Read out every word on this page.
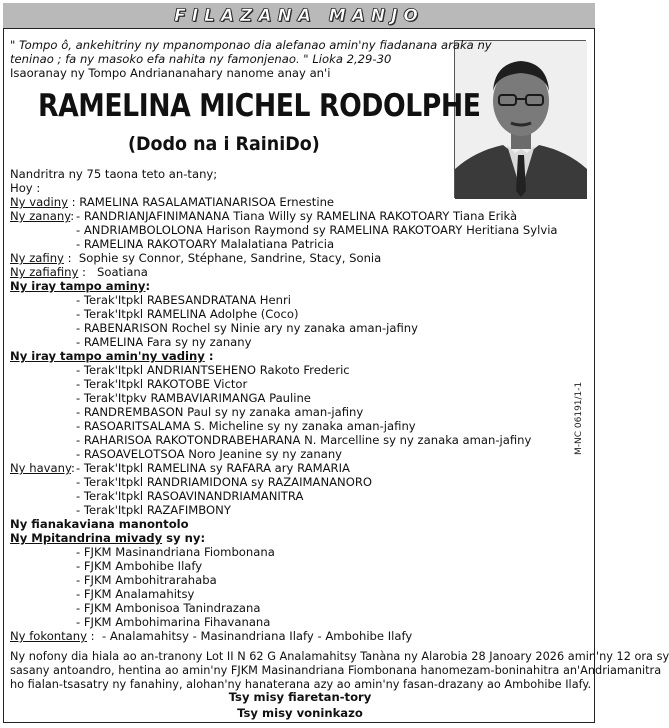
FILAZANA MANJO
" Tompo ô, ankehitriny ny mpanomponao dia alefanao amin'ny fiadanana araka ny
teninao ; fa ny masoko efa nahita ny famonjenao. " Lioka 2,29-30
Isaoranay ny Tompo Andriananahary nanome anay an'i
RAMELINA MICHEL RODOLPHE
(Dodo na i RainiDo)
Nandritra ny 75 taona teto an-tany;
Hoy :
Ny vadiny : RAMELINA RASALAMATIANARISOA Ernestine
Ny zanany: - RANDRIANJAFINIMANANA Tiana Willy sy RAMELINA RAKOTOARY Tiana Erikà
- ANDRIAMBOLOLONA Harison Raymond sy RAMELINA RAKOTOARY Heritiana Sylvia
- RAMELINA RAKOTOARY Malalatiana Patricia
Ny zafiny : Sophie sy Connor, Stéphane, Sandrine, Stacy, Sonia
Ny zafiafiny : Soatiana
Ny iray tampo aminy:
- Terak'Itpkl RABESANDRATANA Henri
- Terak'Itpkl RAMELINA Adolphe (Coco)
- RABENARISON Rochel sy Ninie ary ny zanaka aman-jafiny
- RAMELINA Fara sy ny zanany
Ny iray tampo amin'ny vadiny :
- Terak'Itpkl ANDRIANTSEHENO Rakoto Frederic
- Terak'Itpkl RAKOTOBE Victor
- Terak'Itpkv RAMBAVIARIMANGA Pauline
- RANDREMBASON Paul sy ny zanaka aman-jafiny
- RASOARITSALAMA S. Micheline sy ny zanaka aman-jafiny
- RAHARISOA RAKOTONDRABEHARANA N. Marcelline sy ny zanaka aman-jafiny
- RASOAVELOTSOA Noro Jeanine sy ny zanany
Ny havany: - Terak'Itpkl RAMELINA sy RAFARA ary RAMARIA
- Terak'Itpkl RANDRIAMIDONA sy RAZAIMANANORO
- Terak'Itpkl RASOAVINANDRIAMANITRA
- Terak'Itpkl RAZAFIMBONY
Ny fianakaviana manontolo
Ny Mpitandrina mivady sy ny:
- FJKM Masinandriana Fiombonana
- FJKM Ambohibe Ilafy
- FJKM Ambohitrarahaba
- FJKM Analamahitsy
- FJKM Ambonisoa Tanindrazana
- FJKM Ambohimarina Fihavanana
Ny fokontany : - Analamahitsy - Masinandriana Ilafy - Ambohibe Ilafy
Ny nofony dia hiala ao an-tranony Lot II N 62 G Analamahitsy Tanàna ny Alarobia 28 Janoary 2026 amin'ny 12 ora sy
sasany antoandro, hentina ao amin'ny FJKM Masinandriana Fiombonana hanomezam-boninahitra an'Andriamanitra
ho fialan-tsasatry ny fanahiny, alohan'ny hanaterana azy ao amin'ny fasan-drazany ao Ambohibe Ilafy.
Tsy misy fiaretan-tory
Tsy misy voninkazo
M-NC 06191/1-1
